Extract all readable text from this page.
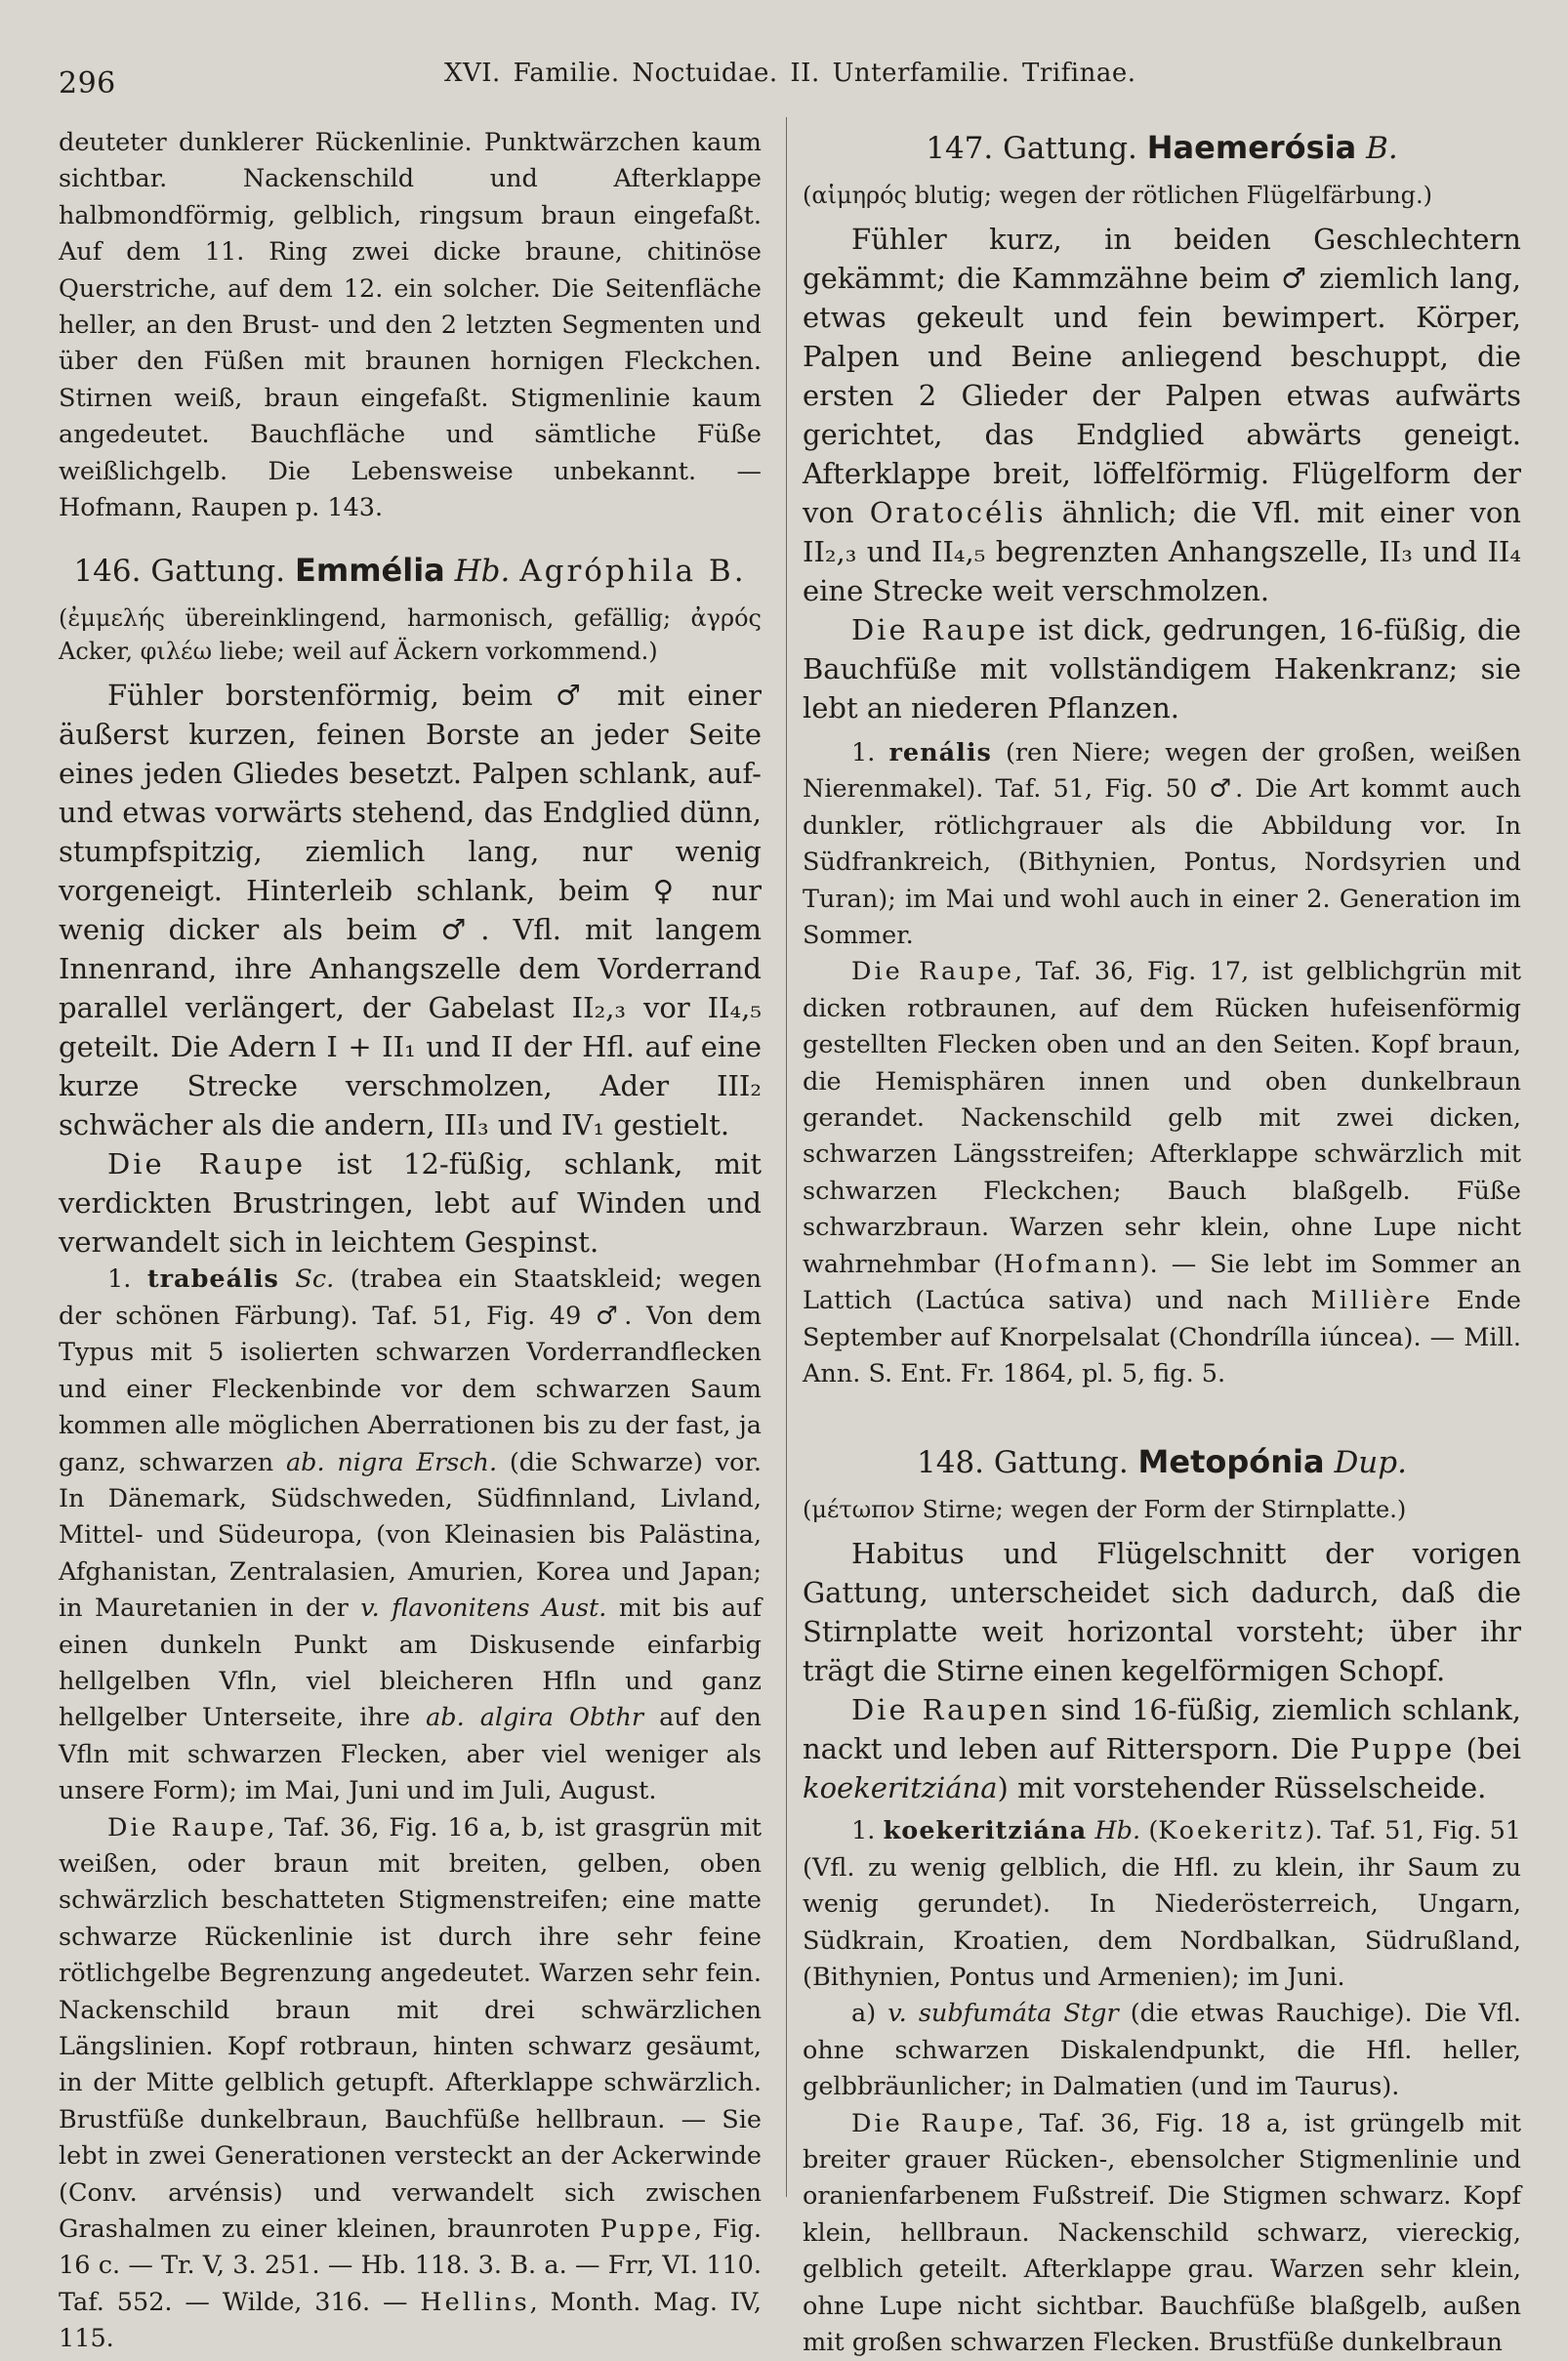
296	XVI. Familie. Noctuidae. II. Unterfamilie. Trifinae.

deuteter dunklerer Rückenlinie. Punktwärzchen kaum sichtbar. Nackenschild und Afterklappe halbmondförmig, gelblich, ringsum braun eingefaßt. Auf dem 11. Ring zwei dicke braune, chitinöse Querstriche, auf dem 12. ein solcher. Die Seitenfläche heller, an den Brust- und den 2 letzten Segmenten und über den Füßen mit braunen hornigen Fleckchen. Stirnen weiß, braun eingefaßt. Stigmenlinie kaum angedeutet. Bauchfläche und sämtliche Füße weißlichgelb. Die Lebensweise unbekannt. — Hofmann, Raupen p. 143.

146. Gattung. Emmélia Hb. Agróphila B.

(ἐμμελής übereinklingend, harmonisch, gefällig; ἀγρός Acker, φιλέω liebe; weil auf Äckern vorkommend.)

Fühler borstenförmig, beim ♂ mit einer äußerst kurzen, feinen Borste an jeder Seite eines jeden Gliedes besetzt. Palpen schlank, auf- und etwas vorwärts stehend, das Endglied dünn, stumpfspitzig, ziemlich lang, nur wenig vorgeneigt. Hinterleib schlank, beim ♀ nur wenig dicker als beim ♂. Vfl. mit langem Innenrand, ihre Anhangszelle dem Vorderrand parallel verlängert, der Gabelast II₂,₃ vor II₄,₅ geteilt. Die Adern I + II₁ und II der Hfl. auf eine kurze Strecke verschmolzen, Ader III₂ schwächer als die andern, III₃ und IV₁ gestielt.

Die Raupe ist 12-füßig, schlank, mit verdickten Brustringen, lebt auf Winden und verwandelt sich in leichtem Gespinst.

1. trabeális Sc. (trabea ein Staatskleid; wegen der schönen Färbung). Taf. 51, Fig. 49 ♂. Von dem Typus mit 5 isolierten schwarzen Vorderrandflecken und einer Fleckenbinde vor dem schwarzen Saum kommen alle möglichen Aberrationen bis zu der fast, ja ganz, schwarzen ab. nigra Ersch. (die Schwarze) vor. In Dänemark, Südschweden, Südfinnland, Livland, Mittel- und Südeuropa, (von Kleinasien bis Palästina, Afghanistan, Zentralasien, Amurien, Korea und Japan; in Mauretanien in der v. flavonitens Aust. mit bis auf einen dunkeln Punkt am Diskusende einfarbig hellgelben Vfln, viel bleicheren Hfln und ganz hellgelber Unterseite, ihre ab. algira Obthr auf den Vfln mit schwarzen Flecken, aber viel weniger als unsere Form); im Mai, Juni und im Juli, August.

Die Raupe, Taf. 36, Fig. 16 a, b, ist grasgrün mit weißen, oder braun mit breiten, gelben, oben schwärzlich beschatteten Stigmenstreifen; eine matte schwarze Rückenlinie ist durch ihre sehr feine rötlichgelbe Begrenzung angedeutet. Warzen sehr fein. Nackenschild braun mit drei schwärzlichen Längslinien. Kopf rotbraun, hinten schwarz gesäumt, in der Mitte gelblich getupft. Afterklappe schwärzlich. Brustfüße dunkelbraun, Bauchfüße hellbraun. — Sie lebt in zwei Generationen versteckt an der Ackerwinde (Conv. arvénsis) und verwandelt sich zwischen Grashalmen zu einer kleinen, braunroten Puppe, Fig. 16 c. — Tr. V, 3. 251. — Hb. 118. 3. B. a. — Frr, VI. 110. Taf. 552. — Wilde, 316. — Hellins, Month. Mag. IV, 115.

147. Gattung. Haemerósia B.

(αἱμηρός blutig; wegen der rötlichen Flügelfärbung.)

Fühler kurz, in beiden Geschlechtern gekämmt; die Kammzähne beim ♂ ziemlich lang, etwas gekeult und fein bewimpert. Körper, Palpen und Beine anliegend beschuppt, die ersten 2 Glieder der Palpen etwas aufwärts gerichtet, das Endglied abwärts geneigt. Afterklappe breit, löffelförmig. Flügelform der von Oratocélis ähnlich; die Vfl. mit einer von II₂,₃ und II₄,₅ begrenzten Anhangszelle, II₃ und II₄ eine Strecke weit verschmolzen.

Die Raupe ist dick, gedrungen, 16-füßig, die Bauchfüße mit vollständigem Hakenkranz; sie lebt an niederen Pflanzen.

1. renális (ren Niere; wegen der großen, weißen Nierenmakel). Taf. 51, Fig. 50 ♂. Die Art kommt auch dunkler, rötlichgrauer als die Abbildung vor. In Südfrankreich, (Bithynien, Pontus, Nordsyrien und Turan); im Mai und wohl auch in einer 2. Generation im Sommer.

Die Raupe, Taf. 36, Fig. 17, ist gelblichgrün mit dicken rotbraunen, auf dem Rücken hufeisenförmig gestellten Flecken oben und an den Seiten. Kopf braun, die Hemisphären innen und oben dunkelbraun gerandet. Nackenschild gelb mit zwei dicken, schwarzen Längsstreifen; Afterklappe schwärzlich mit schwarzen Fleckchen; Bauch blaßgelb. Füße schwarzbraun. Warzen sehr klein, ohne Lupe nicht wahrnehmbar (Hofmann). — Sie lebt im Sommer an Lattich (Lactúca sativa) und nach Millière Ende September auf Knorpelsalat (Chondrílla iúncea). — Mill. Ann. S. Ent. Fr. 1864, pl. 5, fig. 5.

148. Gattung. Metopónia Dup.

(μέτωπον Stirne; wegen der Form der Stirnplatte.)

Habitus und Flügelschnitt der vorigen Gattung, unterscheidet sich dadurch, daß die Stirnplatte weit horizontal vorsteht; über ihr trägt die Stirne einen kegelförmigen Schopf.

Die Raupen sind 16-füßig, ziemlich schlank, nackt und leben auf Rittersporn. Die Puppe (bei koekeritziána) mit vorstehender Rüsselscheide.

1. koekeritziána Hb. (Koekeritz). Taf. 51, Fig. 51 (Vfl. zu wenig gelblich, die Hfl. zu klein, ihr Saum zu wenig gerundet). In Niederösterreich, Ungarn, Südkrain, Kroatien, dem Nordbalkan, Südrußland, (Bithynien, Pontus und Armenien); im Juni.

a) v. subfumáta Stgr (die etwas Rauchige). Die Vfl. ohne schwarzen Diskalendpunkt, die Hfl. heller, gelbbräunlicher; in Dalmatien (und im Taurus).

Die Raupe, Taf. 36, Fig. 18 a, ist grüngelb mit breiter grauer Rücken-, ebensolcher Stigmenlinie und oranienfarbenem Fußstreif. Die Stigmen schwarz. Kopf klein, hellbraun. Nackenschild schwarz, viereckig, gelblich geteilt. Afterklappe grau. Warzen sehr klein, ohne Lupe nicht sichtbar. Bauchfüße blaßgelb, außen mit großen schwarzen Flecken. Brustfüße dunkelbraun
